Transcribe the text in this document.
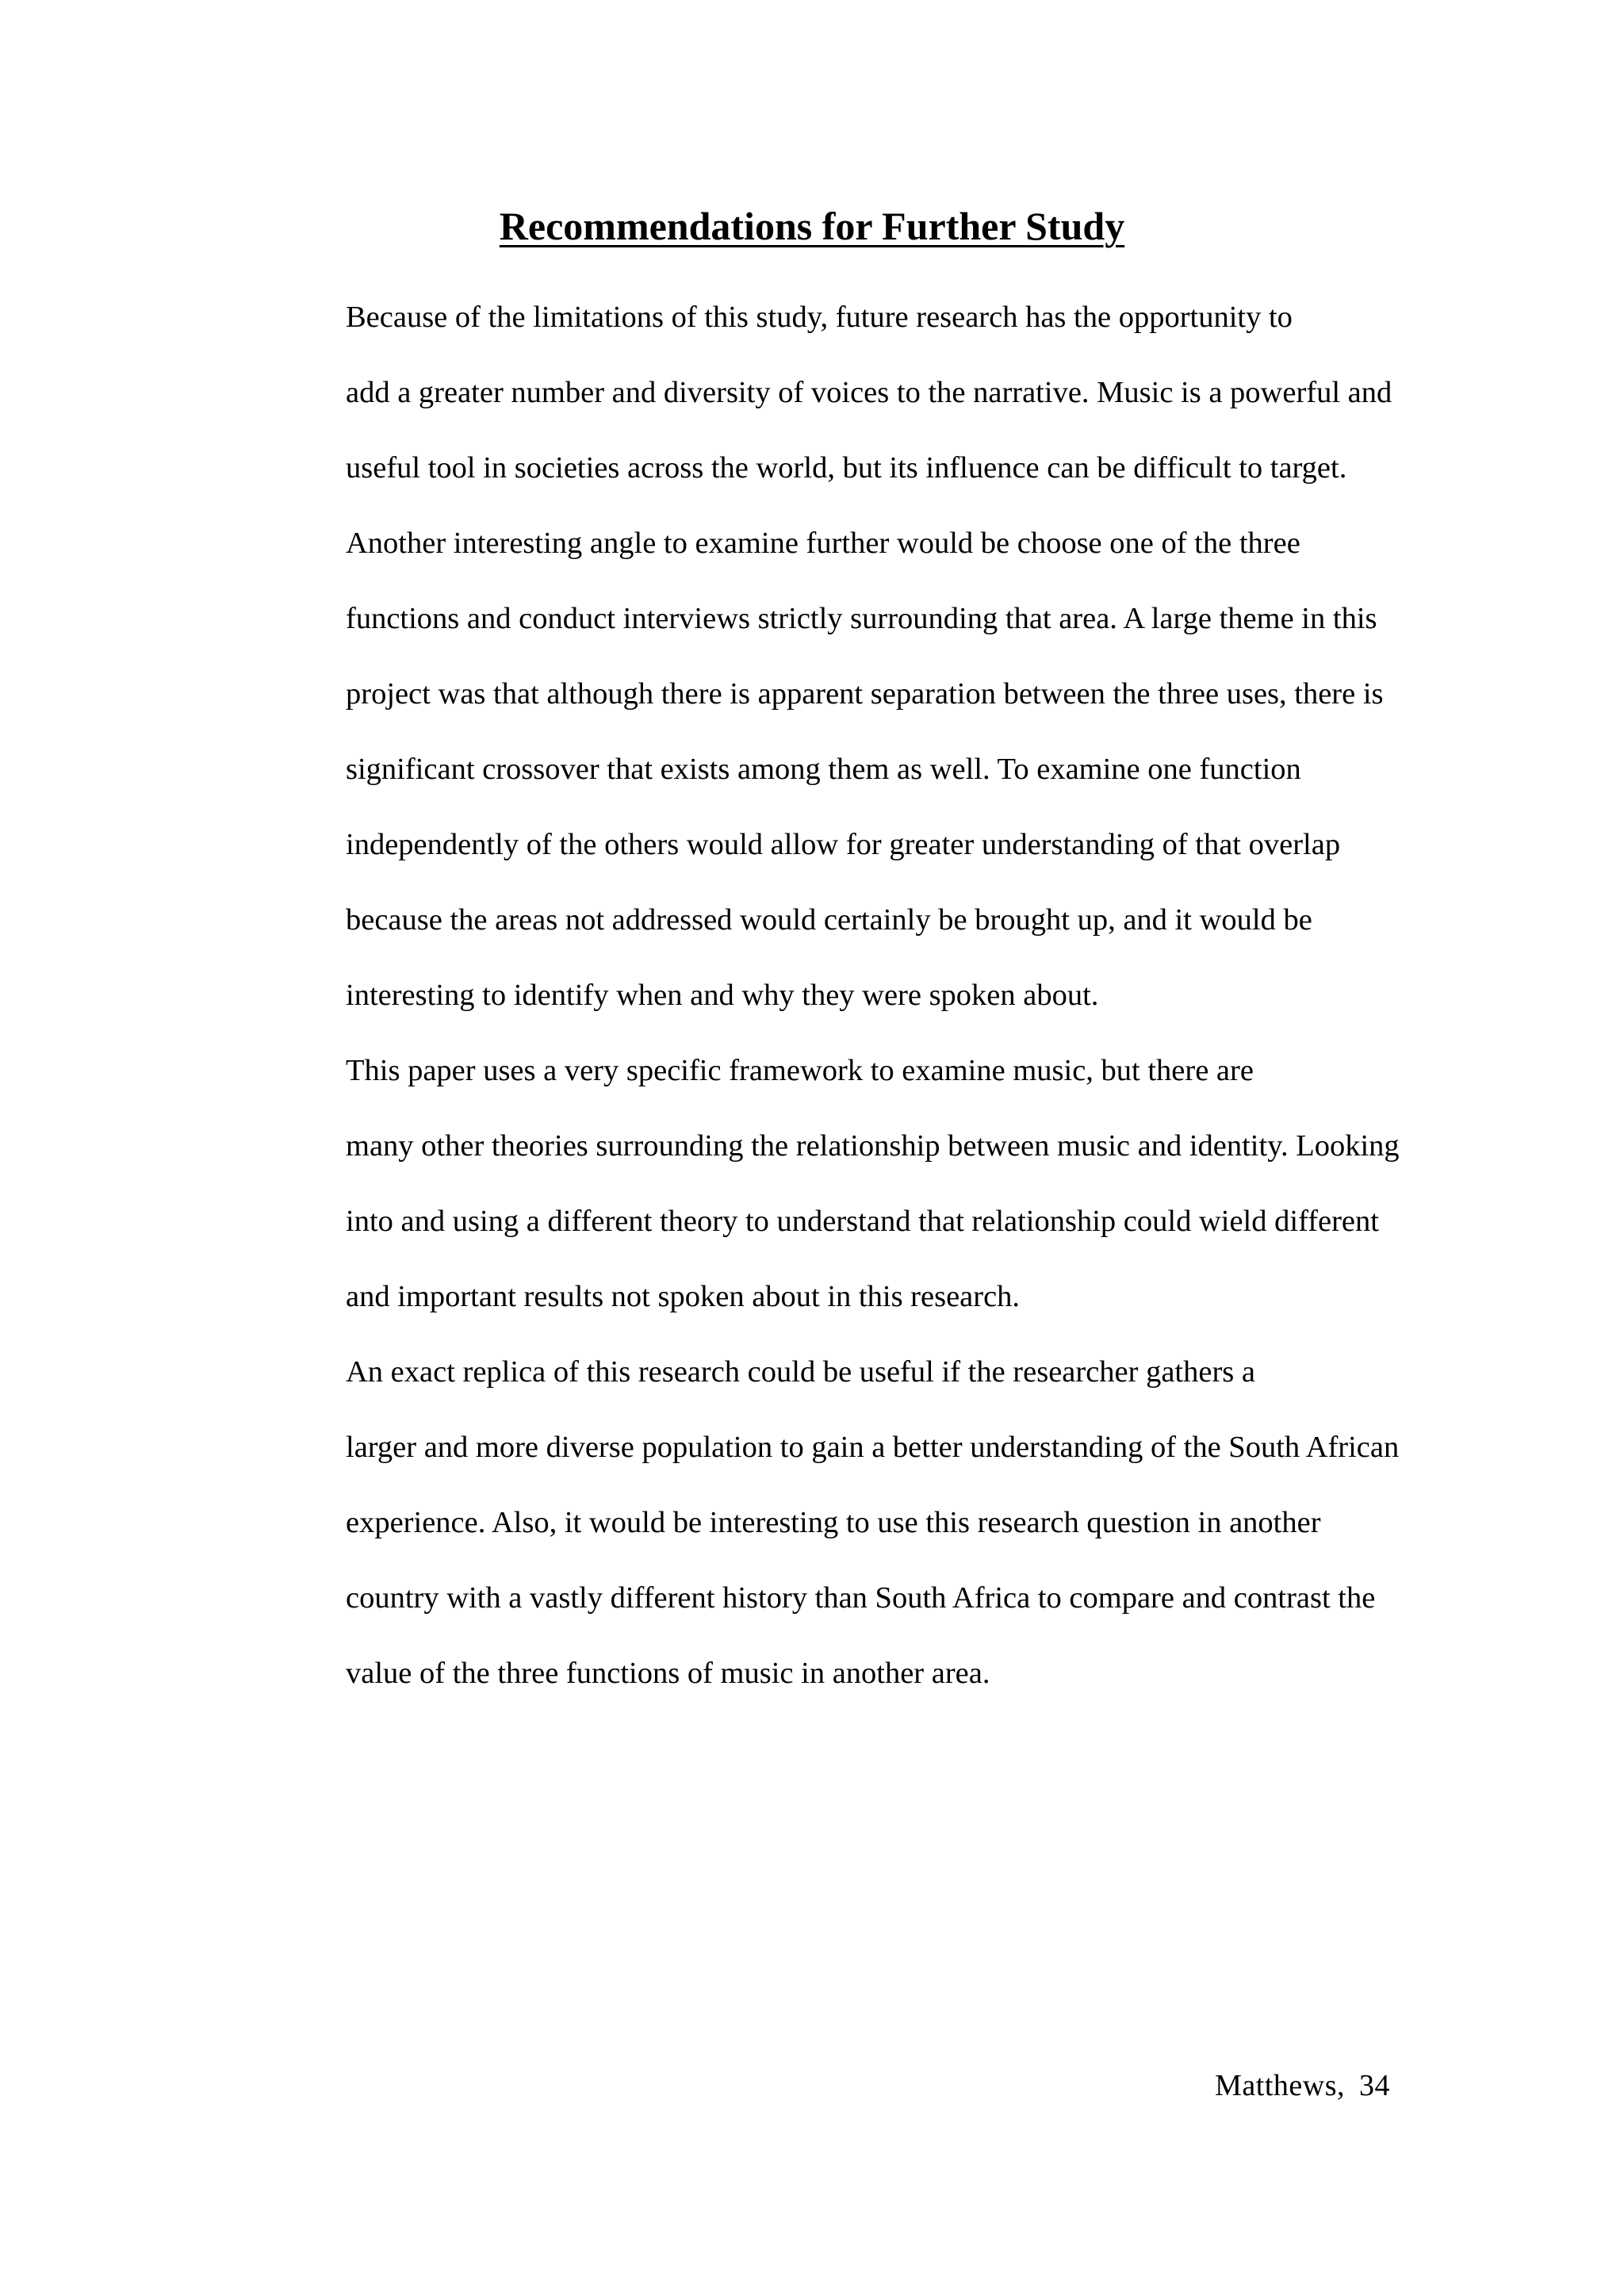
Recommendations for Further Study

Because of the limitations of this study, future research has the opportunity to
add a greater number and diversity of voices to the narrative. Music is a powerful and
useful tool in societies across the world, but its influence can be difficult to target.
Another interesting angle to examine further would be choose one of the three
functions and conduct interviews strictly surrounding that area. A large theme in this
project was that although there is apparent separation between the three uses, there is
significant crossover that exists among them as well. To examine one function
independently of the others would allow for greater understanding of that overlap
because the areas not addressed would certainly be brought up, and it would be
interesting to identify when and why they were spoken about.

This paper uses a very specific framework to examine music, but there are
many other theories surrounding the relationship between music and identity. Looking
into and using a different theory to understand that relationship could wield different
and important results not spoken about in this research.

An exact replica of this research could be useful if the researcher gathers a
larger and more diverse population to gain a better understanding of the South African
experience. Also, it would be interesting to use this research question in another
country with a vastly different history than South Africa to compare and contrast the
value of the three functions of music in another area.

Matthews, 34
